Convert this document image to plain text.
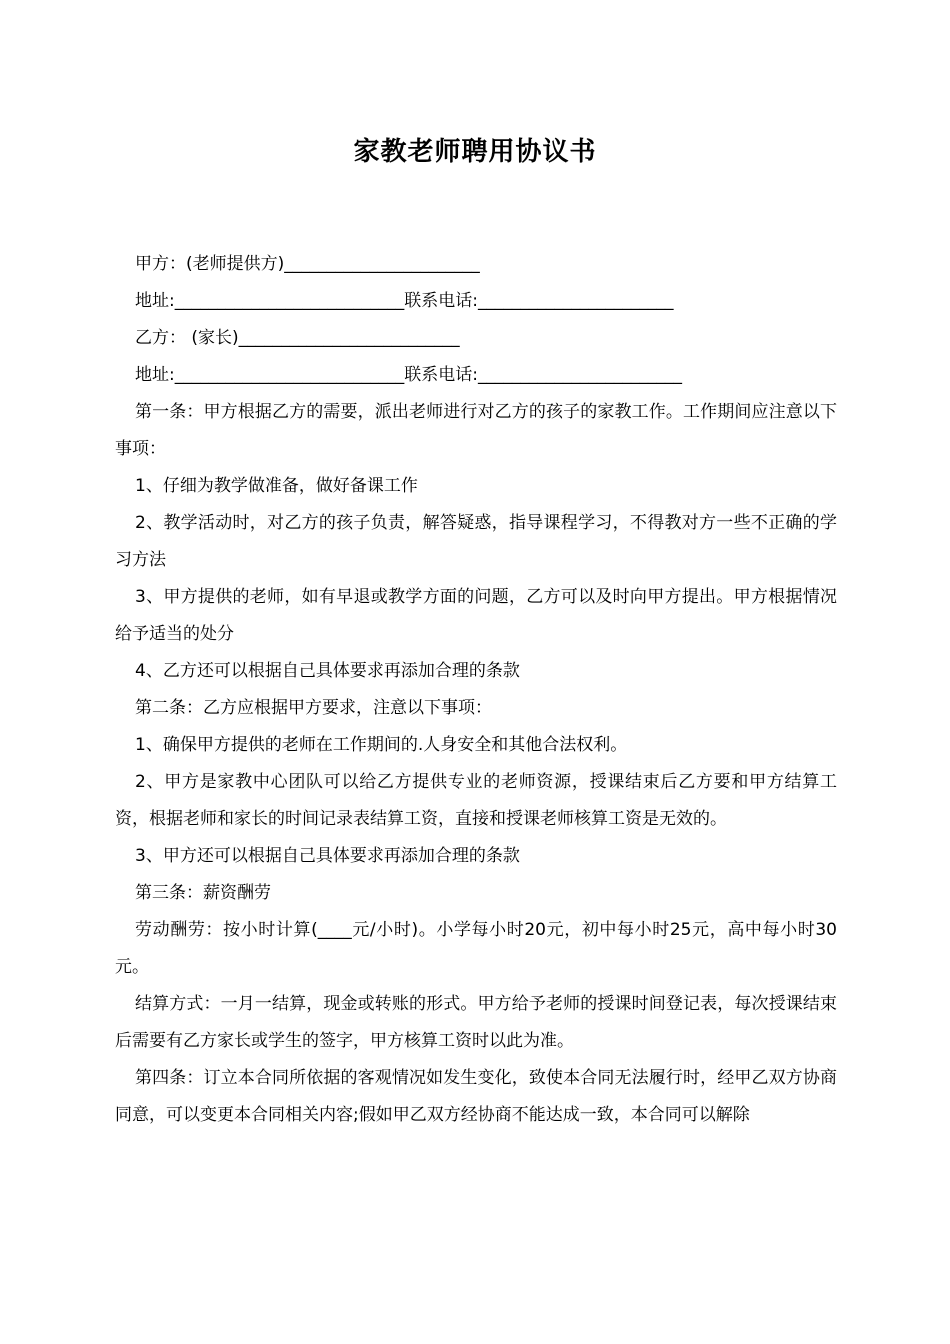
家教老师聘用协议书

甲方：(老师提供方)_______________________

地址:___________________________联系电话:_______________________

乙方： (家长)__________________________

地址:___________________________联系电话:________________________

第一条：甲方根据乙方的需要，派出老师进行对乙方的孩子的家教工作。工作期间应注意以下事项：

1、仔细为教学做准备，做好备课工作

2、教学活动时，对乙方的孩子负责，解答疑惑，指导课程学习，不得教对方一些不正确的学习方法

3、甲方提供的老师，如有早退或教学方面的问题，乙方可以及时向甲方提出。甲方根据情况给予适当的处分

4、乙方还可以根据自己具体要求再添加合理的条款

第二条：乙方应根据甲方要求，注意以下事项：

1、确保甲方提供的老师在工作期间的.人身安全和其他合法权利。

2、甲方是家教中心团队可以给乙方提供专业的老师资源，授课结束后乙方要和甲方结算工资，根据老师和家长的时间记录表结算工资，直接和授课老师核算工资是无效的。

3、甲方还可以根据自己具体要求再添加合理的条款

第三条：薪资酬劳

劳动酬劳：按小时计算(____元/小时)。小学每小时20元，初中每小时25元，高中每小时30元。

结算方式：一月一结算，现金或转账的形式。甲方给予老师的授课时间登记表，每次授课结束后需要有乙方家长或学生的签字，甲方核算工资时以此为准。

第四条：订立本合同所依据的客观情况如发生变化，致使本合同无法履行时，经甲乙双方协商同意，可以变更本合同相关内容;假如甲乙双方经协商不能达成一致，本合同可以解除
